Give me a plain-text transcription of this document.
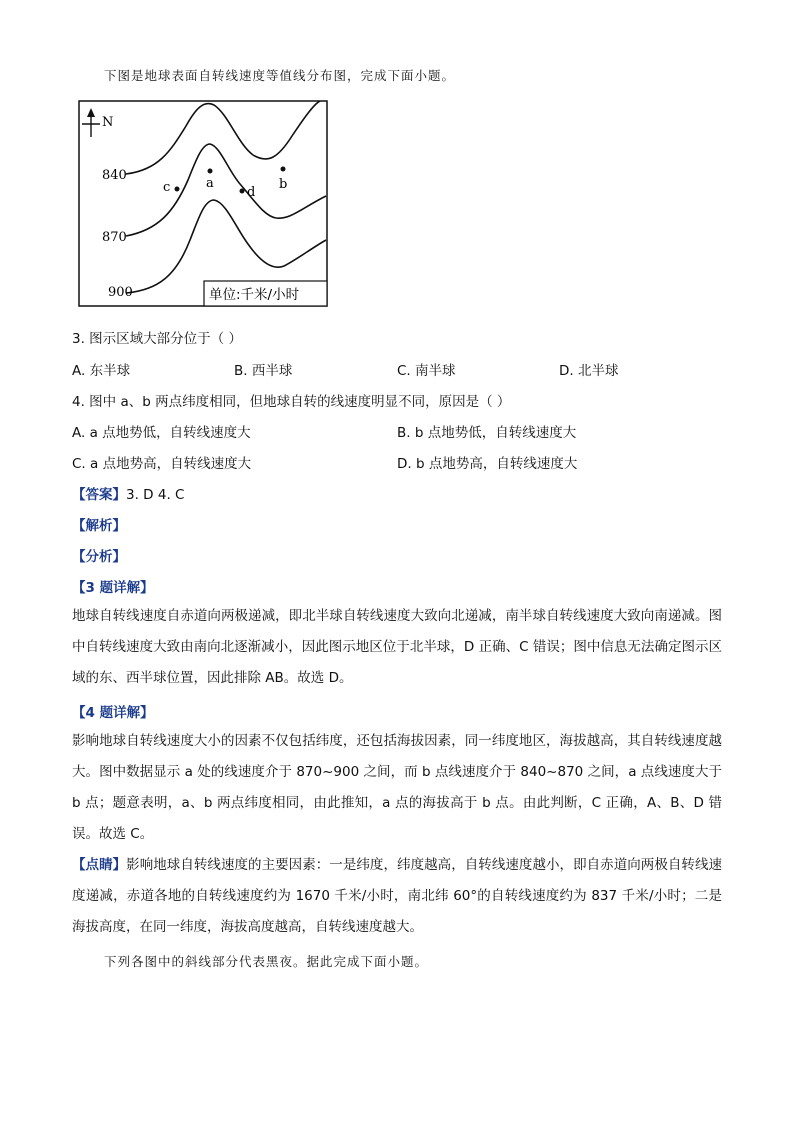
下图是地球表面自转线速度等值线分布图，完成下面小题。
N
840
870
900
a	b
c	d
单位:千米/小时
3. 图示区域大部分位于（ ）
A. 东半球	B. 西半球	C. 南半球	D. 北半球
4. 图中 a、b 两点纬度相同，但地球自转的线速度明显不同，原因是（ ）
A. a 点地势低，自转线速度大	B. b 点地势低，自转线速度大
C. a 点地势高，自转线速度大	D. b 点地势高，自转线速度大
【答案】3. D 4. C
【解析】
【分析】
【3 题详解】
地球自转线速度自赤道向两极递减，即北半球自转线速度大致向北递减，南半球自转线速度大致向南递减。图中自转线速度大致由南向北逐渐减小，因此图示地区位于北半球，D 正确、C 错误；图中信息无法确定图示区域的东、西半球位置，因此排除 AB。故选 D。
【4 题详解】
影响地球自转线速度大小的因素不仅包括纬度，还包括海拔因素，同一纬度地区，海拔越高，其自转线速度越大。图中数据显示 a 处的线速度介于 870~900 之间，而 b 点线速度介于 840~870 之间，a 点线速度大于 b 点；题意表明，a、b 两点纬度相同，由此推知，a 点的海拔高于 b 点。由此判断，C 正确，A、B、D 错误。故选 C。
【点睛】影响地球自转线速度的主要因素：一是纬度，纬度越高，自转线速度越小，即自赤道向两极自转线速度递减，赤道各地的自转线速度约为 1670 千米/小时，南北纬 60°的自转线速度约为 837 千米/小时；二是海拔高度，在同一纬度，海拔高度越高，自转线速度越大。
下列各图中的斜线部分代表黑夜。据此完成下面小题。
